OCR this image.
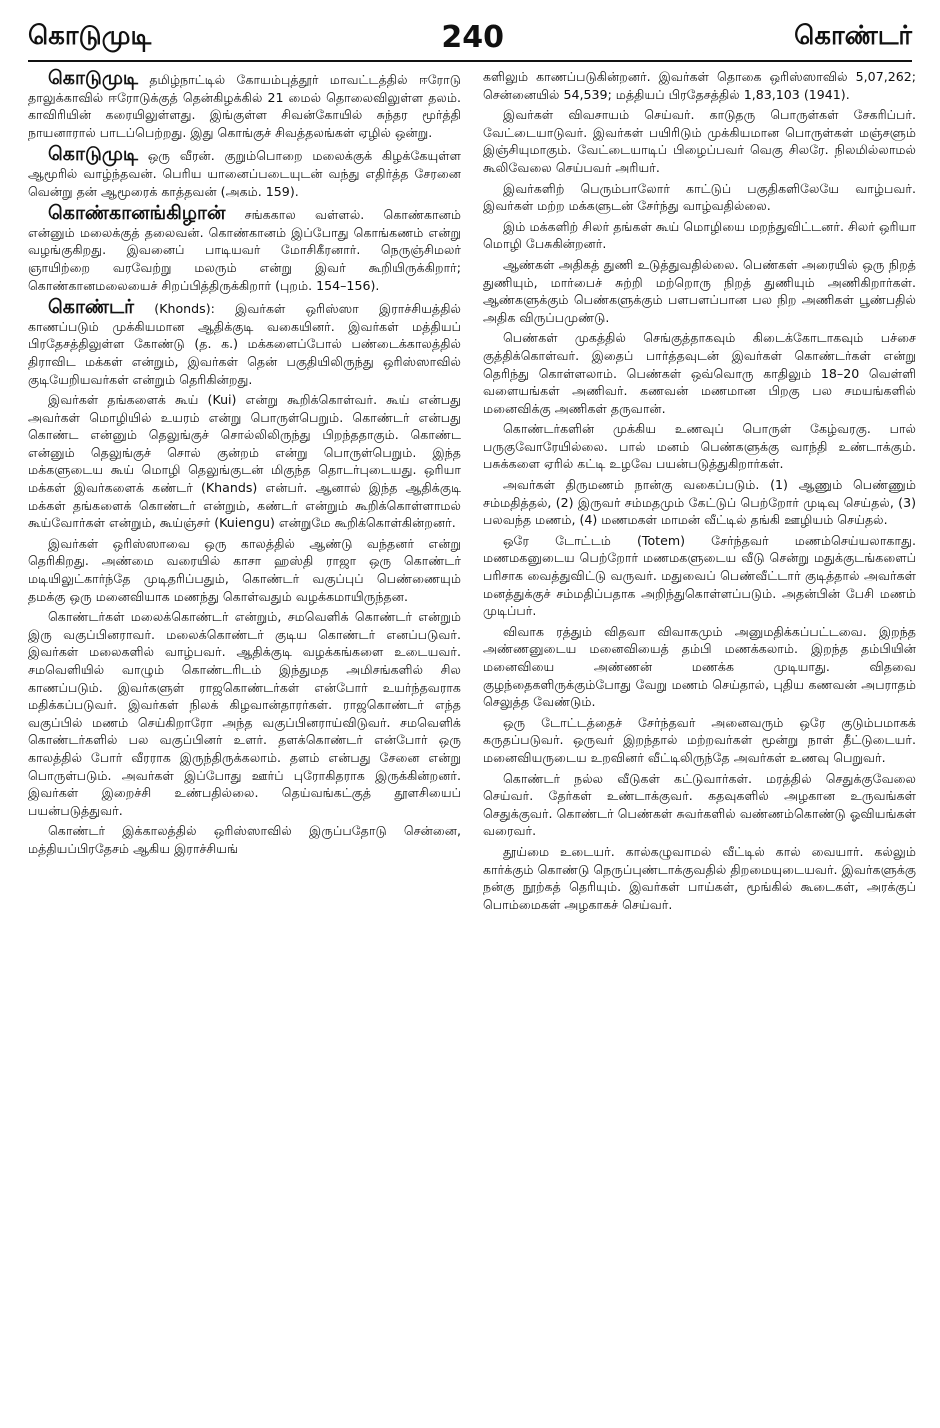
கொடுமுடி	240	கொண்டர்

கொடுமுடி தமிழ்நாட்டில் கோயம்புத்தூர் மாவட்டத்தில் ஈரோடு தாலுக்காவில் ஈரோடுக்குத் தென்கிழக்கில் 21 மைல் தொலைவிலுள்ள தலம். காவிரியின் கரையிலுள்ளது. இங்குள்ள சிவன்கோயில் சுந்தர மூர்த்தி நாயனாரால் பாடப்பெற்றது. இது கொங்குச் சிவத்தலங்கள் ஏழில் ஒன்று.

கொடுமுடி ஒரு வீரன். குறும்பொறை மலைக்குக் கிழக்கேயுள்ள ஆமூரில் வாழ்ந்தவன். பெரிய யானைப்படையுடன் வந்து எதிர்த்த சேரனை வென்று தன் ஆமூரைக் காத்தவன் (அகம். 159).

கொண்கானங்கிழான் சங்ககால வள்ளல். கொண்கானம் என்னும் மலைக்குத் தலைவன். கொண்கானம் இப்போது கொங்கணம் என்று வழங்குகிறது. இவனைப் பாடியவர் மோசிகீரனார். நெருஞ்சிமலர் ஞாயிற்றை வரவேற்று மலரும் என்று இவர் கூறியிருக்கிறார்; கொண்கானமலையைச் சிறப்பித்திருக்கிறார் (புறம். 154–156).

கொண்டர் (Khonds): இவர்கள் ஒரிஸ்ஸா இராச்சியத்தில் காணப்படும் முக்கியமான ஆதிக்குடி வகையினர். இவர்கள் மத்தியப் பிரதேசத்திலுள்ள கோண்டு (த. க.) மக்களைப்போல் பண்டைக்காலத்தில் திராவிட மக்கள் என்றும், இவர்கள் தென் பகுதியிலிருந்து ஒரிஸ்ஸாவில் குடியேறியவர்கள் என்றும் தெரிகின்றது.

இவர்கள் தங்களைக் கூய் (Kui) என்று கூறிக்கொள்வர். கூய் என்பது அவர்கள் மொழியில் உயரம் என்று பொருள்பெறும். கொண்டர் என்பது கொண்ட என்னும் தெலுங்குச் சொல்லிலிருந்து பிறந்ததாகும். கொண்ட என்னும் தெலுங்குச் சொல் குன்றம் என்று பொருள்பெறும். இந்த மக்களுடைய கூய் மொழி தெலுங்குடன் மிகுந்த தொடர்புடையது. ஒரியா மக்கள் இவர்களைக் கண்டர் (Khands) என்பர். ஆனால் இந்த ஆதிக்குடி மக்கள் தங்களைக் கொண்டர் என்றும், கண்டர் என்றும் கூறிக்கொள்ளாமல் கூய்வோர்கள் என்றும், கூய்ஞ்சர் (Kuiengu) என்றுமே கூறிக்கொள்கின்றனர்.

இவர்கள் ஒரிஸ்ஸாவை ஒரு காலத்தில் ஆண்டு வந்தனர் என்று தெரிகிறது. அண்மை வரையில் காசா ஹஸ்தி ராஜா ஒரு கொண்டர் மடியிலுட்கார்ந்தே முடிதரிப்பதும், கொண்டர் வகுப்புப் பெண்ணையும் தமக்கு ஒரு மனைவியாக மணந்து கொள்வதும் வழக்கமாயிருந்தன.

கொண்டர்கள் மலைக்கொண்டர் என்றும், சமவெளிக் கொண்டர் என்றும் இரு வகுப்பினராவர். மலைக்கொண்டர் குடிய கொண்டர் எனப்படுவர். இவர்கள் மலைகளில் வாழ்பவர். ஆதிக்குடி வழக்கங்களை உடையவர். சமவெளியில் வாழும் கொண்டரிடம் இந்துமத அமிசங்களில் சில காணப்படும். இவர்களுள் ராஜகொண்டர்கள் என்போர் உயர்ந்தவராக மதிக்கப்படுவர். இவர்கள் நிலக் கிழவான்தாரர்கள். ராஜகொண்டர் எந்த வகுப்பில் மணம் செய்கிறாரோ அந்த வகுப்பினராய்விடுவர். சமவெளிக் கொண்டர்களில் பல வகுப்பினர் உளர். தளக்கொண்டர் என்போர் ஒரு காலத்தில் போர் வீரராக இருந்திருக்கலாம். தளம் என்பது சேனை என்று பொருள்படும். அவர்கள் இப்போது ஊர்ப் புரோகிதராக இருக்கின்றனர். இவர்கள் இறைச்சி உண்பதில்லை. தெய்வங்கட்குத் தூளசியைப் பயன்படுத்துவர்.

கொண்டர் இக்காலத்தில் ஒரிஸ்ஸாவில் இருப்பதோடு சென்னை, மத்தியப்பிரதேசம் ஆகிய இராச்சியங்

களிலும் காணப்படுகின்றனர். இவர்கள் தொகை ஒரிஸ்ஸாவில் 5,07,262; சென்னையில் 54,539; மத்தியப் பிரதேசத்தில் 1,83,103 (1941).

இவர்கள் விவசாயம் செய்வர். காடுதரு பொருள்கள் சேகரிப்பர். வேட்டையாடுவர். இவர்கள் பயிரிடும் முக்கியமான பொருள்கள் மஞ்சளும் இஞ்சியுமாகும். வேட்டையாடிப் பிழைப்பவர் வெகு சிலரே. நிலமில்லாமல் கூலிவேலை செய்பவர் அரியர்.

இவர்களிற் பெரும்பாலோர் காட்டுப் பகுதிகளிலேயே வாழ்பவர். இவர்கள் மற்ற மக்களுடன் சேர்ந்து வாழ்வதில்லை.

இம் மக்களிற் சிலர் தங்கள் கூய் மொழியை மறந்துவிட்டனர். சிலர் ஒரியா மொழி பேசுகின்றனர்.

ஆண்கள் அதிகத் துணி உடுத்துவதில்லை. பெண்கள் அரையில் ஒரு நிறத் துணியும், மார்பைச் சுற்றி மற்றொரு நிறத் துணியும் அணிகிறார்கள். ஆண்களுக்கும் பெண்களுக்கும் பளபளப்பான பல நிற அணிகள் பூண்பதில் அதிக விருப்பமுண்டு.

பெண்கள் முகத்தில் செங்குத்தாகவும் கிடைக்கோடாகவும் பச்சை குத்திக்கொள்வர். இதைப் பார்த்தவுடன் இவர்கள் கொண்டர்கள் என்று தெரிந்து கொள்ளலாம். பெண்கள் ஒவ்வொரு காதிலும் 18–20 வெள்ளி வளையங்கள் அணிவர். கணவன் மணமான பிறகு பல சமயங்களில் மனைவிக்கு அணிகள் தருவான்.

கொண்டர்களின் முக்கிய உணவுப் பொருள் கேழ்வரகு. பால் பருகுவோரேயில்லை. பால் மனம் பெண்களுக்கு வாந்தி உண்டாக்கும். பசுக்களை ஏரில் கட்டி உழவே பயன்படுத்துகிறார்கள்.

அவர்கள் திருமணம் நான்கு வகைப்படும். (1) ஆணும் பெண்ணும் சம்மதித்தல், (2) இருவர் சம்மதமும் கேட்டுப் பெற்றோர் முடிவு செய்தல், (3) பலவந்த மணம், (4) மணமகள் மாமன் வீட்டில் தங்கி ஊழியம் செய்தல்.

ஒரே டோட்டம் (Totem) சேர்ந்தவர் மணம்செய்யலாகாது. மணமகனுடைய பெற்றோர் மணமகளுடைய வீடு சென்று மதுக்குடங்களைப் பரிசாக வைத்துவிட்டு வருவர். மதுவைப் பெண்வீட்டார் குடித்தால் அவர்கள் மனத்துக்குச் சம்மதிப்பதாக அறிந்துகொள்ளப்படும். அதன்பின் பேசி மணம் முடிப்பர்.

விவாக ரத்தும் விதவா விவாகமும் அனுமதிக்கப்பட்டவை. இறந்த அண்ணனுடைய மனைவியைத் தம்பி மணக்கலாம். இறந்த தம்பியின் மனைவியை அண்ணன் மணக்க முடியாது. விதவை குழந்தைகளிருக்கும்போது வேறு மணம் செய்தால், புதிய கணவன் அபராதம் செலுத்த வேண்டும்.

ஒரு டோட்டத்தைச் சேர்ந்தவர் அனைவரும் ஒரே குடும்பமாகக் கருதப்படுவர். ஒருவர் இறந்தால் மற்றவர்கள் மூன்று நாள் தீட்டுடையர். மனைவியருடைய உறவினர் வீட்டிலிருந்தே அவர்கள் உணவு பெறுவர்.

கொண்டர் நல்ல வீடுகள் கட்டுவார்கள். மரத்தில் செதுக்குவேலை செய்வர். தேர்கள் உண்டாக்குவர். கதவுகளில் அழகான உருவங்கள் செதுக்குவர். கொண்டர் பெண்கள் சுவர்களில் வண்ணம்கொண்டு ஓவியங்கள் வரைவர்.

தூய்மை உடையர். கால்கழுவாமல் வீட்டில் கால் வையார். கல்லும் கார்க்கும் கொண்டு நெருப்புண்டாக்குவதில் திறமையுடையவர். இவர்களுக்கு நன்கு நூற்கத் தெரியும். இவர்கள் பாய்கள், மூங்கில் கூடைகள், அரக்குப் பொம்மைகள் அழகாகச் செய்வர்.
